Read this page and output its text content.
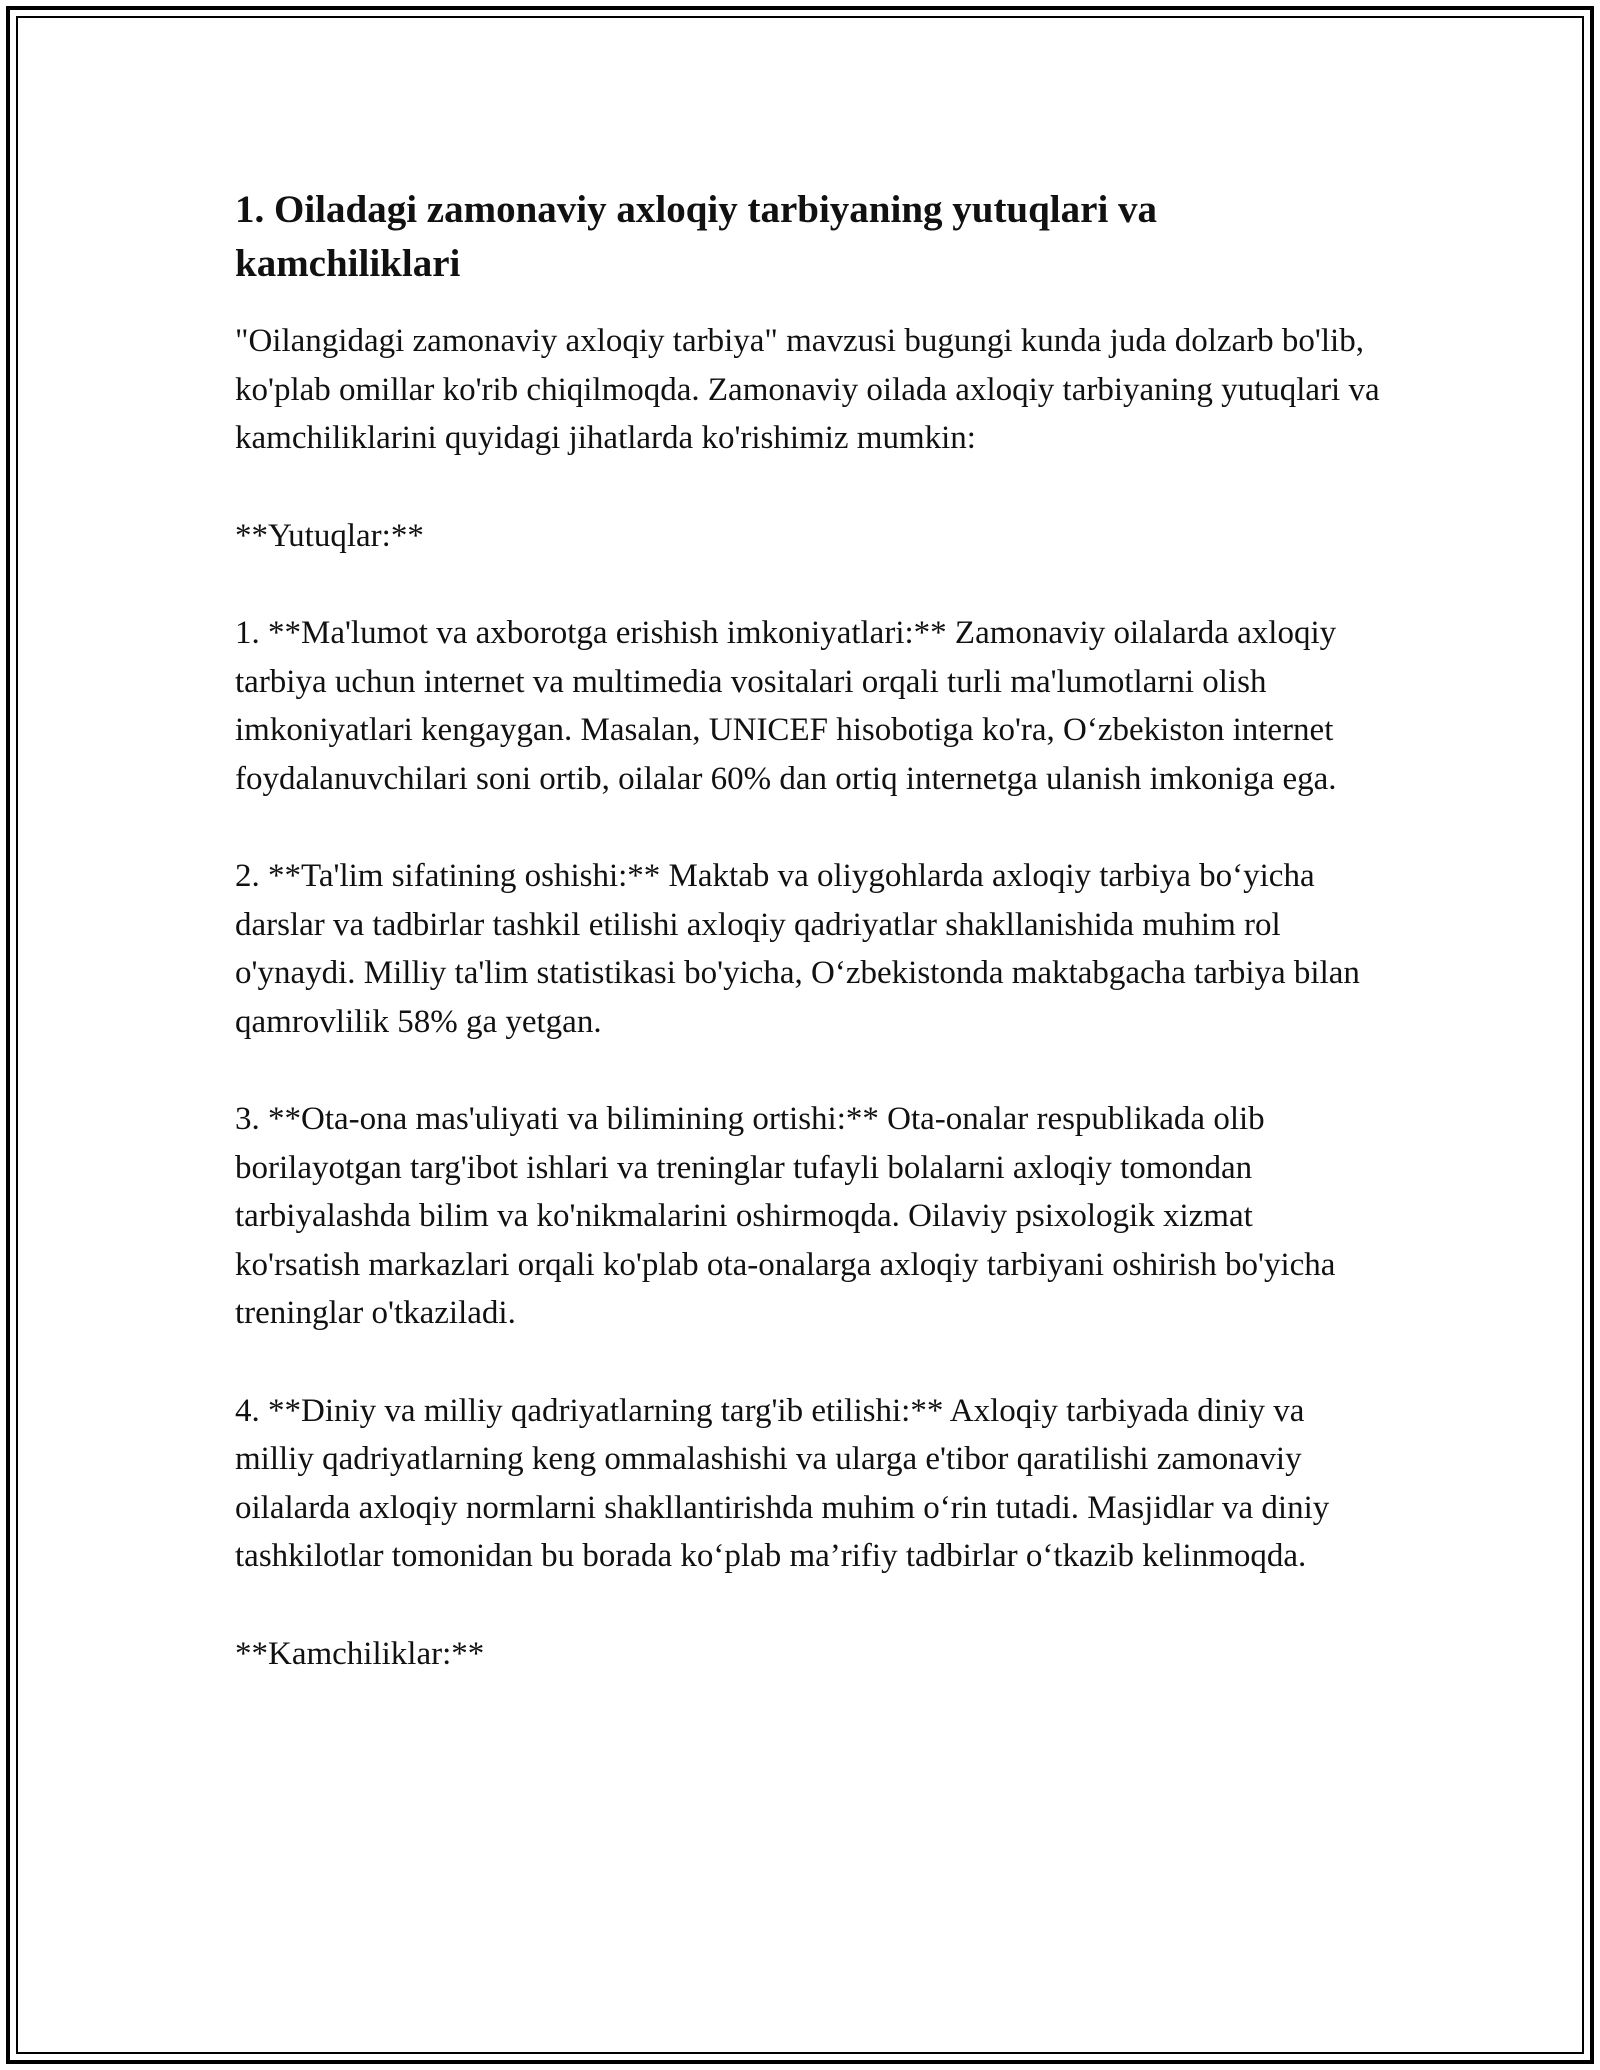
1. Oiladagi zamonaviy axloqiy tarbiyaning yutuqlari va kamchiliklari

"Oilangidagi zamonaviy axloqiy tarbiya" mavzusi bugungi kunda juda dolzarb bo'lib, ko'plab omillar ko'rib chiqilmoqda. Zamonaviy oilada axloqiy tarbiyaning yutuqlari va kamchiliklarini quyidagi jihatlarda ko'rishimiz mumkin:

**Yutuqlar:**

1. **Ma'lumot va axborotga erishish imkoniyatlari:** Zamonaviy oilalarda axloqiy tarbiya uchun internet va multimedia vositalari orqali turli ma'lumotlarni olish imkoniyatlari kengaygan. Masalan, UNICEF hisobotiga ko'ra, O‘zbekiston internet foydalanuvchilari soni ortib, oilalar 60% dan ortiq internetga ulanish imkoniga ega.

2. **Ta'lim sifatining oshishi:** Maktab va oliygohlarda axloqiy tarbiya bo‘yicha darslar va tadbirlar tashkil etilishi axloqiy qadriyatlar shakllanishida muhim rol o'ynaydi. Milliy ta'lim statistikasi bo'yicha, O‘zbekistonda maktabgacha tarbiya bilan qamrovlilik 58% ga yetgan.

3. **Ota-ona mas'uliyati va bilimining ortishi:** Ota-onalar respublikada olib borilayotgan targ'ibot ishlari va treninglar tufayli bolalarni axloqiy tomondan tarbiyalashda bilim va ko'nikmalarini oshirmoqda. Oilaviy psixologik xizmat ko'rsatish markazlari orqali ko'plab ota-onalarga axloqiy tarbiyani oshirish bo'yicha treninglar o'tkaziladi.

4. **Diniy va milliy qadriyatlarning targ'ib etilishi:** Axloqiy tarbiyada diniy va milliy qadriyatlarning keng ommalashishi va ularga e'tibor qaratilishi zamonaviy oilalarda axloqiy normlarni shakllantirishda muhim o‘rin tutadi. Masjidlar va diniy tashkilotlar tomonidan bu borada ko‘plab ma’rifiy tadbirlar o‘tkazib kelinmoqda.

**Kamchiliklar:**
